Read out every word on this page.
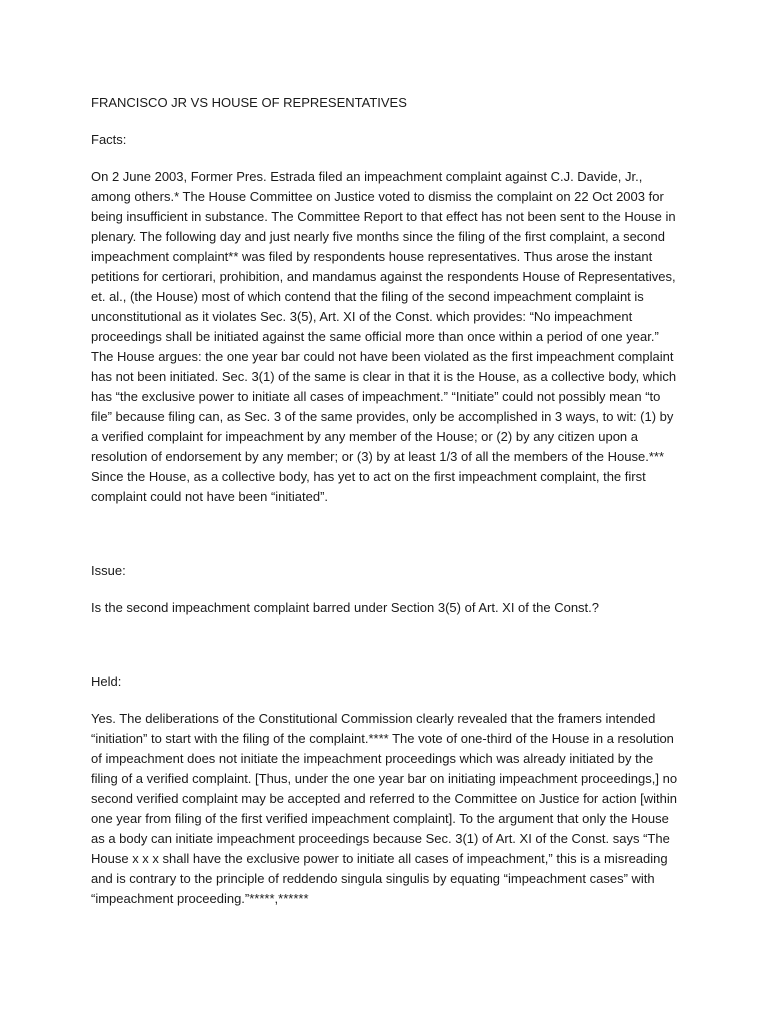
FRANCISCO JR VS HOUSE OF REPRESENTATIVES

Facts:

On 2 June 2003, Former Pres. Estrada filed an impeachment complaint against C.J. Davide, Jr., among others.* The House Committee on Justice voted to dismiss the complaint on 22 Oct 2003 for being insufficient in substance. The Committee Report to that effect has not been sent to the House in plenary. The following day and just nearly five months since the filing of the first complaint, a second impeachment complaint** was filed by respondents house representatives. Thus arose the instant petitions for certiorari, prohibition, and mandamus against the respondents House of Representatives, et. al., (the House) most of which contend that the filing of the second impeachment complaint is unconstitutional as it violates Sec. 3(5), Art. XI of the Const. which provides: “No impeachment proceedings shall be initiated against the same official more than once within a period of one year.” The House argues: the one year bar could not have been violated as the first impeachment complaint has not been initiated. Sec. 3(1) of the same is clear in that it is the House, as a collective body, which has “the exclusive power to initiate all cases of impeachment.” “Initiate” could not possibly mean “to file” because filing can, as Sec. 3 of the same provides, only be accomplished in 3 ways, to wit: (1) by a verified complaint for impeachment by any member of the House; or (2) by any citizen upon a resolution of endorsement by any member; or (3) by at least 1/3 of all the members of the House.*** Since the House, as a collective body, has yet to act on the first impeachment complaint, the first complaint could not have been “initiated”.

Issue:

Is the second impeachment complaint barred under Section 3(5) of Art. XI of the Const.?

Held:

Yes. The deliberations of the Constitutional Commission clearly revealed that the framers intended “initiation” to start with the filing of the complaint.**** The vote of one-third of the House in a resolution of impeachment does not initiate the impeachment proceedings which was already initiated by the filing of a verified complaint. [Thus, under the one year bar on initiating impeachment proceedings,] no second verified complaint may be accepted and referred to the Committee on Justice for action [within one year from filing of the first verified impeachment complaint]. To the argument that only the House as a body can initiate impeachment proceedings because Sec. 3(1) of Art. XI of the Const. says “The House x x x shall have the exclusive power to initiate all cases of impeachment,” this is a misreading and is contrary to the principle of reddendo singula singulis by equating “impeachment cases” with “impeachment proceeding.”*****,******
